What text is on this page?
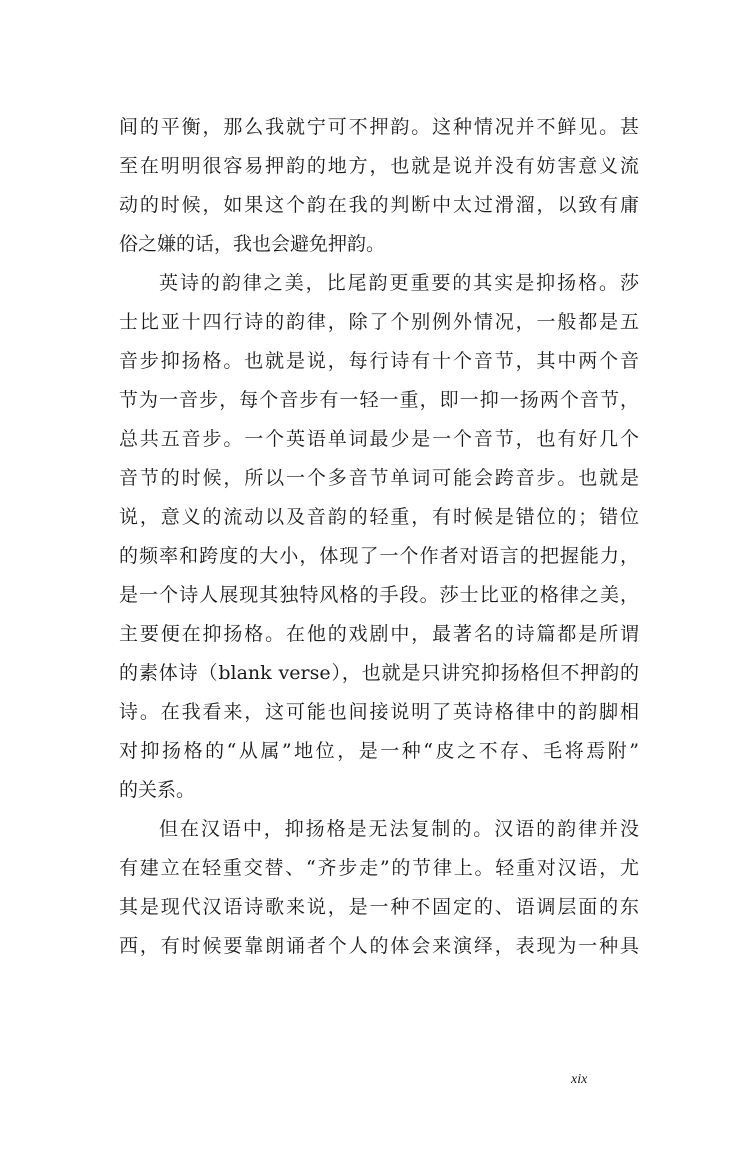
间的平衡，那么我就宁可不押韵。这种情况并不鲜见。甚
至在明明很容易押韵的地方，也就是说并没有妨害意义流
动的时候，如果这个韵在我的判断中太过滑溜，以致有庸
俗之嫌的话，我也会避免押韵。
英诗的韵律之美，比尾韵更重要的其实是抑扬格。莎
士比亚十四行诗的韵律，除了个别例外情况，一般都是五
音步抑扬格。也就是说，每行诗有十个音节，其中两个音
节为一音步，每个音步有一轻一重，即一抑一扬两个音节，
总共五音步。一个英语单词最少是一个音节，也有好几个
音节的时候，所以一个多音节单词可能会跨音步。也就是
说，意义的流动以及音韵的轻重，有时候是错位的；错位
的频率和跨度的大小，体现了一个作者对语言的把握能力，
是一个诗人展现其独特风格的手段。莎士比亚的格律之美，
主要便在抑扬格。在他的戏剧中，最著名的诗篇都是所谓
的素体诗（blank verse），也就是只讲究抑扬格但不押韵的
诗。在我看来，这可能也间接说明了英诗格律中的韵脚相
对抑扬格的“从属”地位，是一种“皮之不存、毛将焉附”
的关系。
但在汉语中，抑扬格是无法复制的。汉语的韵律并没
有建立在轻重交替、“齐步走”的节律上。轻重对汉语，尤
其是现代汉语诗歌来说，是一种不固定的、语调层面的东
西，有时候要靠朗诵者个人的体会来演绎，表现为一种具
xix
